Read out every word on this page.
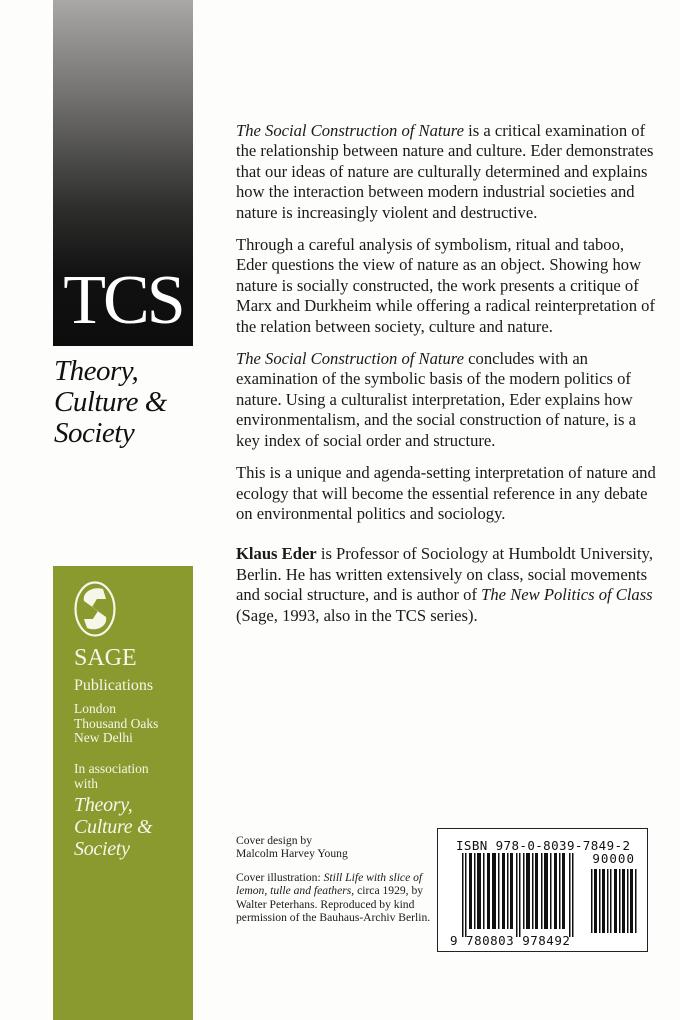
TCS
Theory,
Culture &
Society
SAGE
Publications
London
Thousand Oaks
New Delhi
In association
with
Theory,
Culture &
Society

The Social Construction of Nature is a critical examination of the relationship between nature and culture. Eder demonstrates that our ideas of nature are culturally determined and explains how the interaction between modern industrial societies and nature is increasingly violent and destructive.

Through a careful analysis of symbolism, ritual and taboo, Eder questions the view of nature as an object. Showing how nature is socially constructed, the work presents a critique of Marx and Durkheim while offering a radical reinterpretation of the relation between society, culture and nature.

The Social Construction of Nature concludes with an examination of the symbolic basis of the modern politics of nature. Using a culturalist interpretation, Eder explains how environmentalism, and the social construction of nature, is a key index of social order and structure.

This is a unique and agenda-setting interpretation of nature and ecology that will become the essential reference in any debate on environmental politics and sociology.

Klaus Eder is Professor of Sociology at Humboldt University, Berlin. He has written extensively on class, social movements and social structure, and is author of The New Politics of Class (Sage, 1993, also in the TCS series).

Cover design by
Malcolm Harvey Young

Cover illustration: Still Life with slice of lemon, tulle and feathers, circa 1929, by Walter Peterhans. Reproduced by kind permission of the Bauhaus-Archiv Berlin.

ISBN 978-0-8039-7849-2
90000
9 780803 978492
